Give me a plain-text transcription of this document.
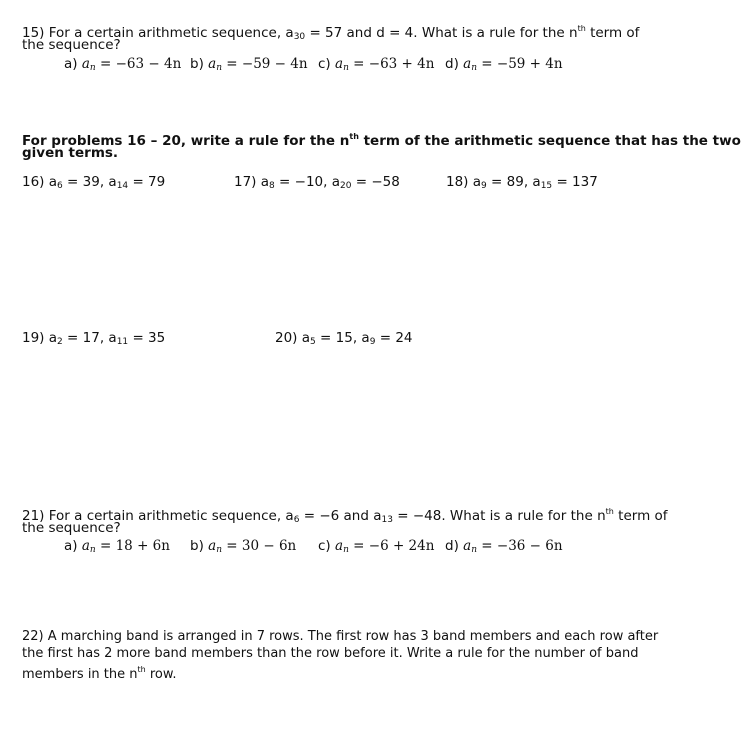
15) For a certain arithmetic sequence, $a_{30} = 57$ and d = 4. What is a rule for the $n^{th}$ term of
the sequence?
a) $a_n = -63 - 4n$ b) $a_n = -59 - 4n$ c) $a_n = -63 + 4n$ d) $a_n = -59 + 4n$
For problems 16 – 20, write a rule for the $n^{th}$ term of the arithmetic sequence that has the two
given terms.
16) $a_6 = 39$, $a_{14} = 79$	17) $a_8 = -10$, $a_{20} = -58$	18) $a_9 = 89$, $a_{15} = 137$
19) $a_2 = 17$, $a_{11} = 35$	20) $a_5 = 15$, $a_9 = 24$
21) For a certain arithmetic sequence, $a_6 = -6$ and $a_{13} = -48$. What is a rule for the $n^{th}$ term of
the sequence?
a) $a_n = 18 + 6n$ b) $a_n = 30 - 6n$ c) $a_n = -6 + 24n$ d) $a_n = -36 - 6n$
22) A marching band is arranged in 7 rows. The first row has 3 band members and each row after
the first has 2 more band members than the row before it. Write a rule for the number of band
members in the $n^{th}$ row.
